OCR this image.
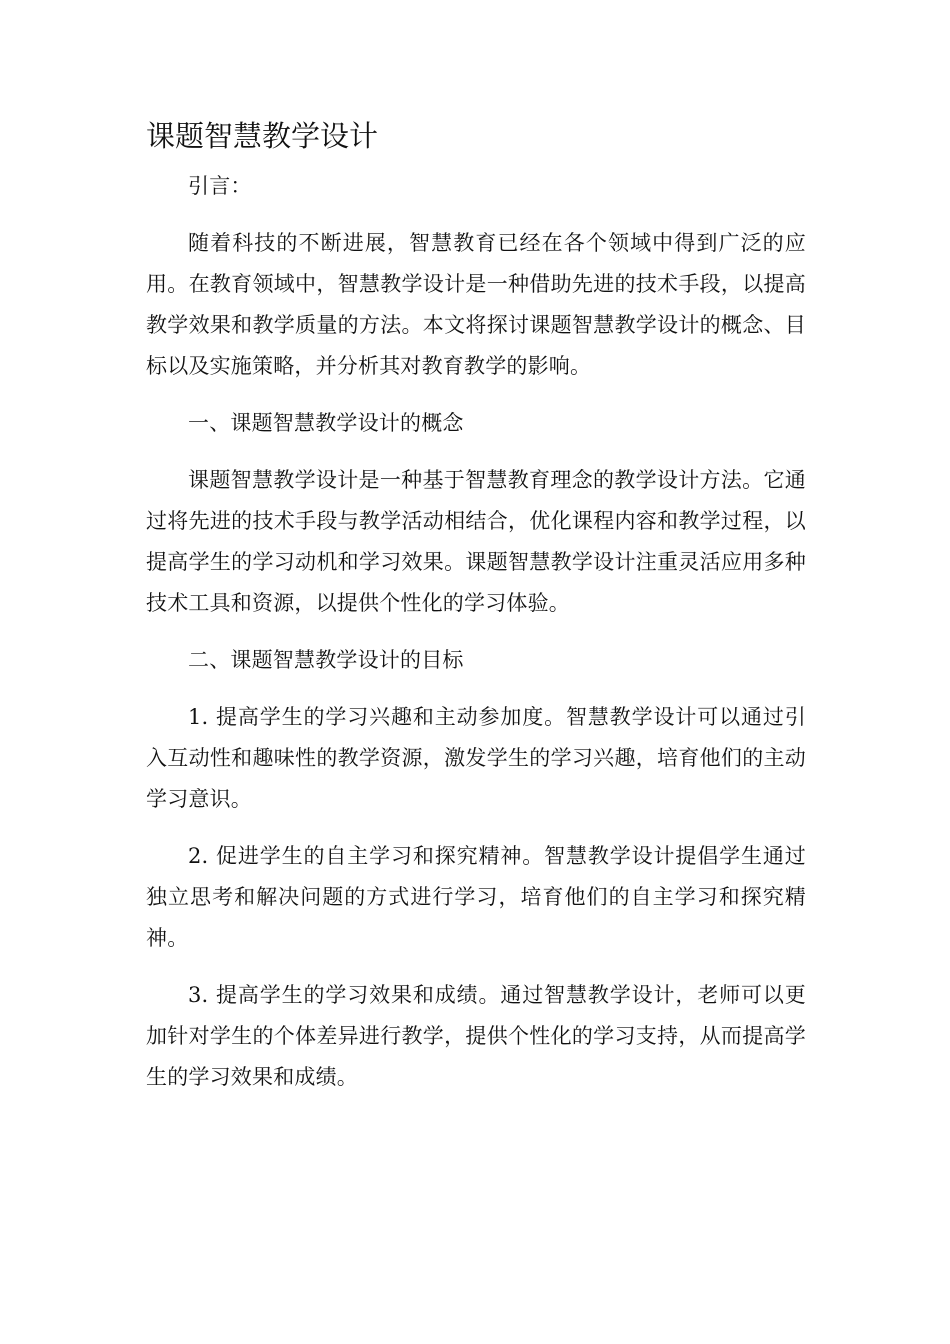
课题智慧教学设计

引言：

随着科技的不断进展，智慧教育已经在各个领域中得到广泛的应用。在教育领域中，智慧教学设计是一种借助先进的技术手段，以提高教学效果和教学质量的方法。本文将探讨课题智慧教学设计的概念、目标以及实施策略，并分析其对教育教学的影响。

一、课题智慧教学设计的概念

课题智慧教学设计是一种基于智慧教育理念的教学设计方法。它通过将先进的技术手段与教学活动相结合，优化课程内容和教学过程，以提高学生的学习动机和学习效果。课题智慧教学设计注重灵活应用多种技术工具和资源，以提供个性化的学习体验。

二、课题智慧教学设计的目标

1. 提高学生的学习兴趣和主动参加度。智慧教学设计可以通过引入互动性和趣味性的教学资源，激发学生的学习兴趣，培育他们的主动学习意识。

2. 促进学生的自主学习和探究精神。智慧教学设计提倡学生通过独立思考和解决问题的方式进行学习，培育他们的自主学习和探究精神。

3. 提高学生的学习效果和成绩。通过智慧教学设计，老师可以更加针对学生的个体差异进行教学，提供个性化的学习支持，从而提高学生的学习效果和成绩。
